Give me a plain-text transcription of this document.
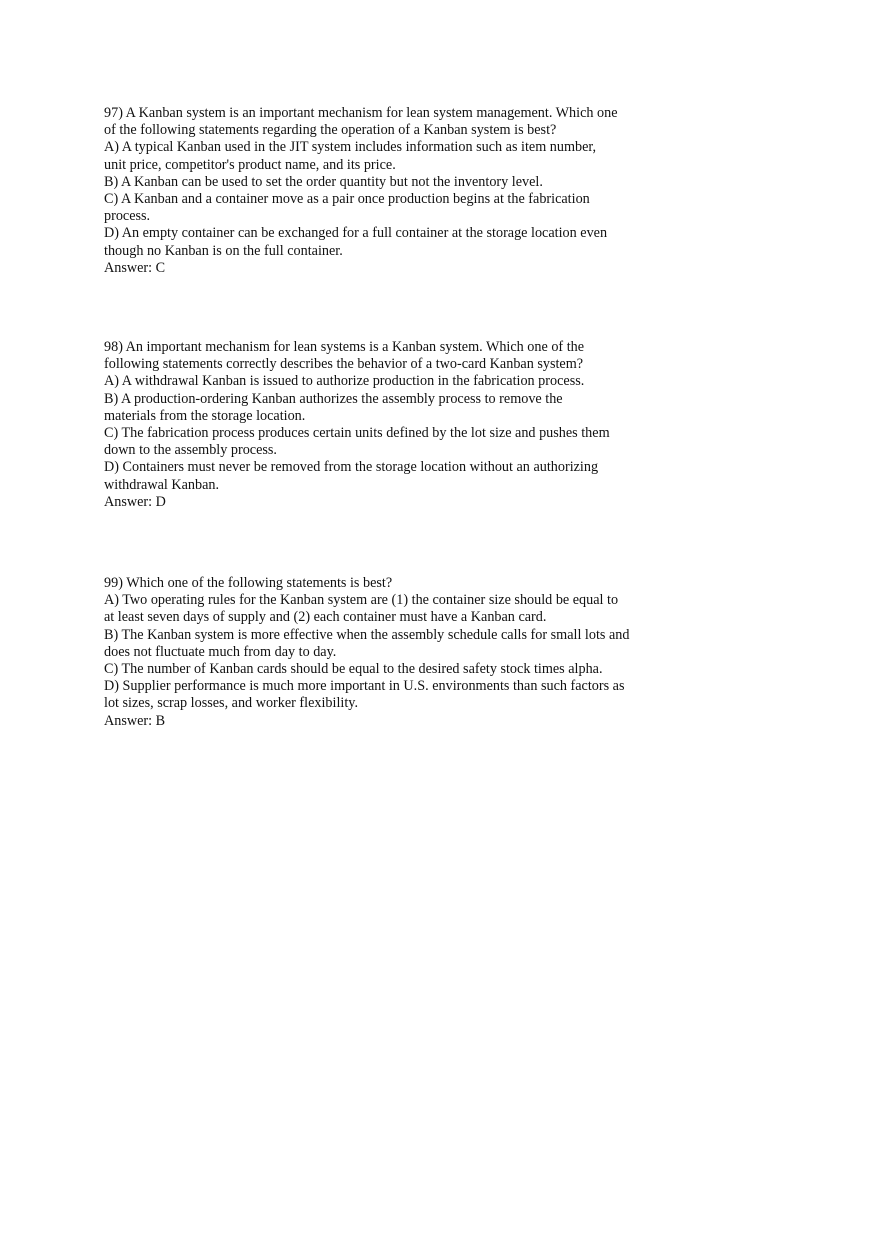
97) A Kanban system is an important mechanism for lean system management. Which one
of the following statements regarding the operation of a Kanban system is best?
A) A typical Kanban used in the JIT system includes information such as item number,
unit price, competitor's product name, and its price.
B) A Kanban can be used to set the order quantity but not the inventory level.
C) A Kanban and a container move as a pair once production begins at the fabrication
process.
D) An empty container can be exchanged for a full container at the storage location even
though no Kanban is on the full container.
Answer: C
98) An important mechanism for lean systems is a Kanban system. Which one of the
following statements correctly describes the behavior of a two-card Kanban system?
A) A withdrawal Kanban is issued to authorize production in the fabrication process.
B) A production-ordering Kanban authorizes the assembly process to remove the
materials from the storage location.
C) The fabrication process produces certain units defined by the lot size and pushes them
down to the assembly process.
D) Containers must never be removed from the storage location without an authorizing
withdrawal Kanban.
Answer: D
99) Which one of the following statements is best?
A) Two operating rules for the Kanban system are (1) the container size should be equal to
at least seven days of supply and (2) each container must have a Kanban card.
B) The Kanban system is more effective when the assembly schedule calls for small lots and
does not fluctuate much from day to day.
C) The number of Kanban cards should be equal to the desired safety stock times alpha.
D) Supplier performance is much more important in U.S. environments than such factors as
lot sizes, scrap losses, and worker flexibility.
Answer: B
